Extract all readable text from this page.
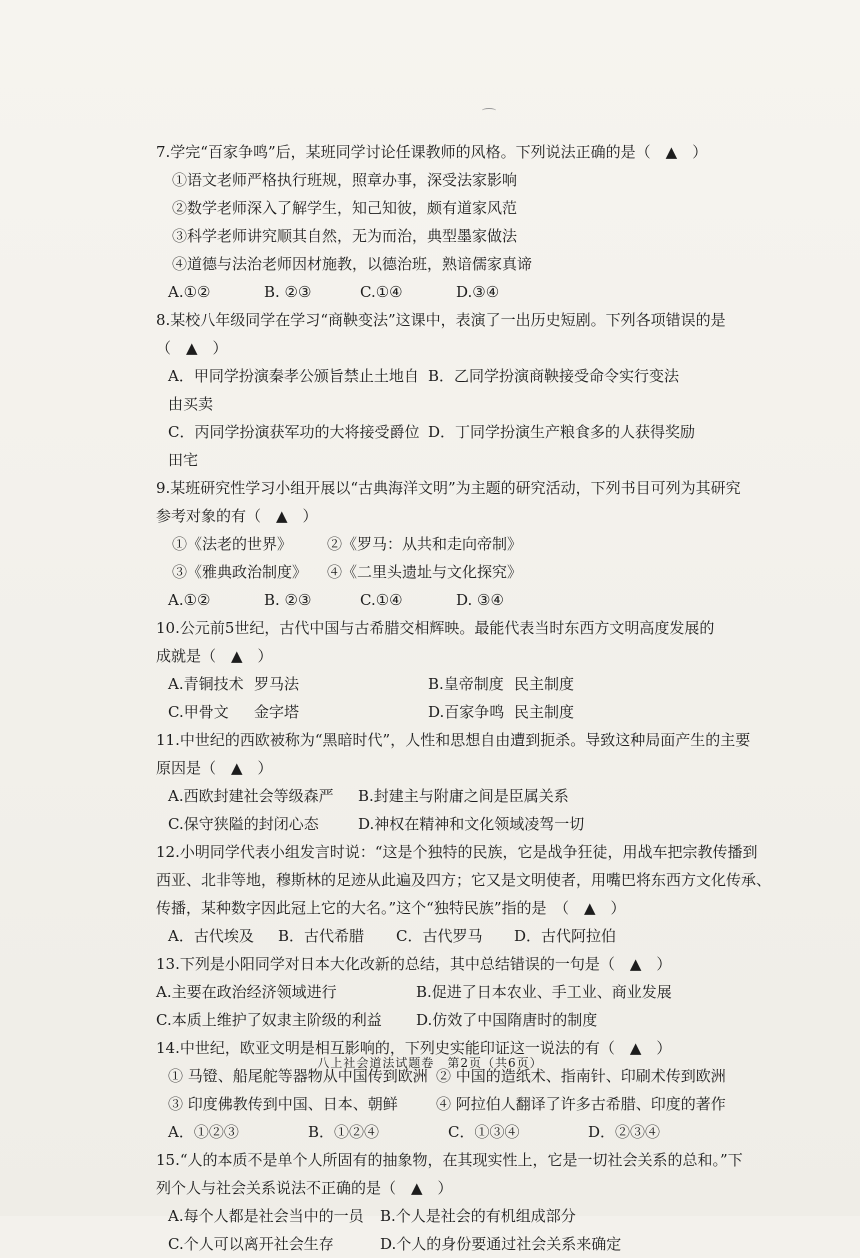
7.学完“百家争鸣”后，某班同学讨论任课教师的风格。下列说法正确的是（　▲　）
①语文老师严格执行班规，照章办事，深受法家影响
②数学老师深入了解学生，知己知彼，颇有道家风范
③科学老师讲究顺其自然，无为而治，典型墨家做法
④道德与法治老师因材施教，以德治班，熟谙儒家真谛
A.①②	B. ②③	C.①④	D.③④
8.某校八年级同学在学习“商鞅变法”这课中，表演了一出历史短剧。下列各项错误的是
（　▲　）
A．甲同学扮演秦孝公颁旨禁止土地自由买卖
B．乙同学扮演商鞅接受命令实行变法
C．丙同学扮演获军功的大将接受爵位田宅
D．丁同学扮演生产粮食多的人获得奖励
9.某班研究性学习小组开展以“古典海洋文明”为主题的研究活动，下列书目可列为其研究
参考对象的有（　▲　）
①《法老的世界》	②《罗马：从共和走向帝制》
③《雅典政治制度》	④《二里头遗址与文化探究》
A.①②	B. ②③	C.①④	D. ③④
10.公元前5世纪，古代中国与古希腊交相辉映。最能代表当时东西方文明高度发展的
成就是（　▲　）
A.青铜技术 罗马法	B.皇帝制度 民主制度
C.甲骨文 金字塔	D.百家争鸣 民主制度
11.中世纪的西欧被称为“黑暗时代”，人性和思想自由遭到扼杀。导致这种局面产生的主要
原因是（　▲　）
A.西欧封建社会等级森严	B.封建主与附庸之间是臣属关系
C.保守狭隘的封闭心态	D.神权在精神和文化领域凌驾一切
12.小明同学代表小组发言时说：“这是个独特的民族，它是战争狂徒，用战车把宗教传播到
西亚、北非等地，穆斯林的足迹从此遍及四方；它又是文明使者，用嘴巴将东西方文化传承、
传播，某种数字因此冠上它的大名。”这个“独特民族”指的是　（　▲　）
A．古代埃及	B．古代希腊	C．古代罗马	D．古代阿拉伯
13.下列是小阳同学对日本大化改新的总结，其中总结错误的一句是（　▲　）
A.主要在政治经济领域进行	B.促进了日本农业、手工业、商业发展
C.本质上维护了奴隶主阶级的利益	D.仿效了中国隋唐时的制度
14.中世纪，欧亚文明是相互影响的，下列史实能印证这一说法的有（　▲　）
① 马镫、船尾舵等器物从中国传到欧洲 ② 中国的造纸术、指南针、印刷术传到欧洲
③ 印度佛教传到中国、日本、朝鲜	④ 阿拉伯人翻译了许多古希腊、印度的著作
A．①②③	B．①②④	C．①③④	D．②③④
15.“人的本质不是单个人所固有的抽象物，在其现实性上，它是一切社会关系的总和。”下
列个人与社会关系说法不正确的是（　▲　）
A.每个人都是社会当中的一员	B.个人是社会的有机组成部分
C.个人可以离开社会生存	D.个人的身份要通过社会关系来确定
八上社会道法试题卷　第2页（共6页）
